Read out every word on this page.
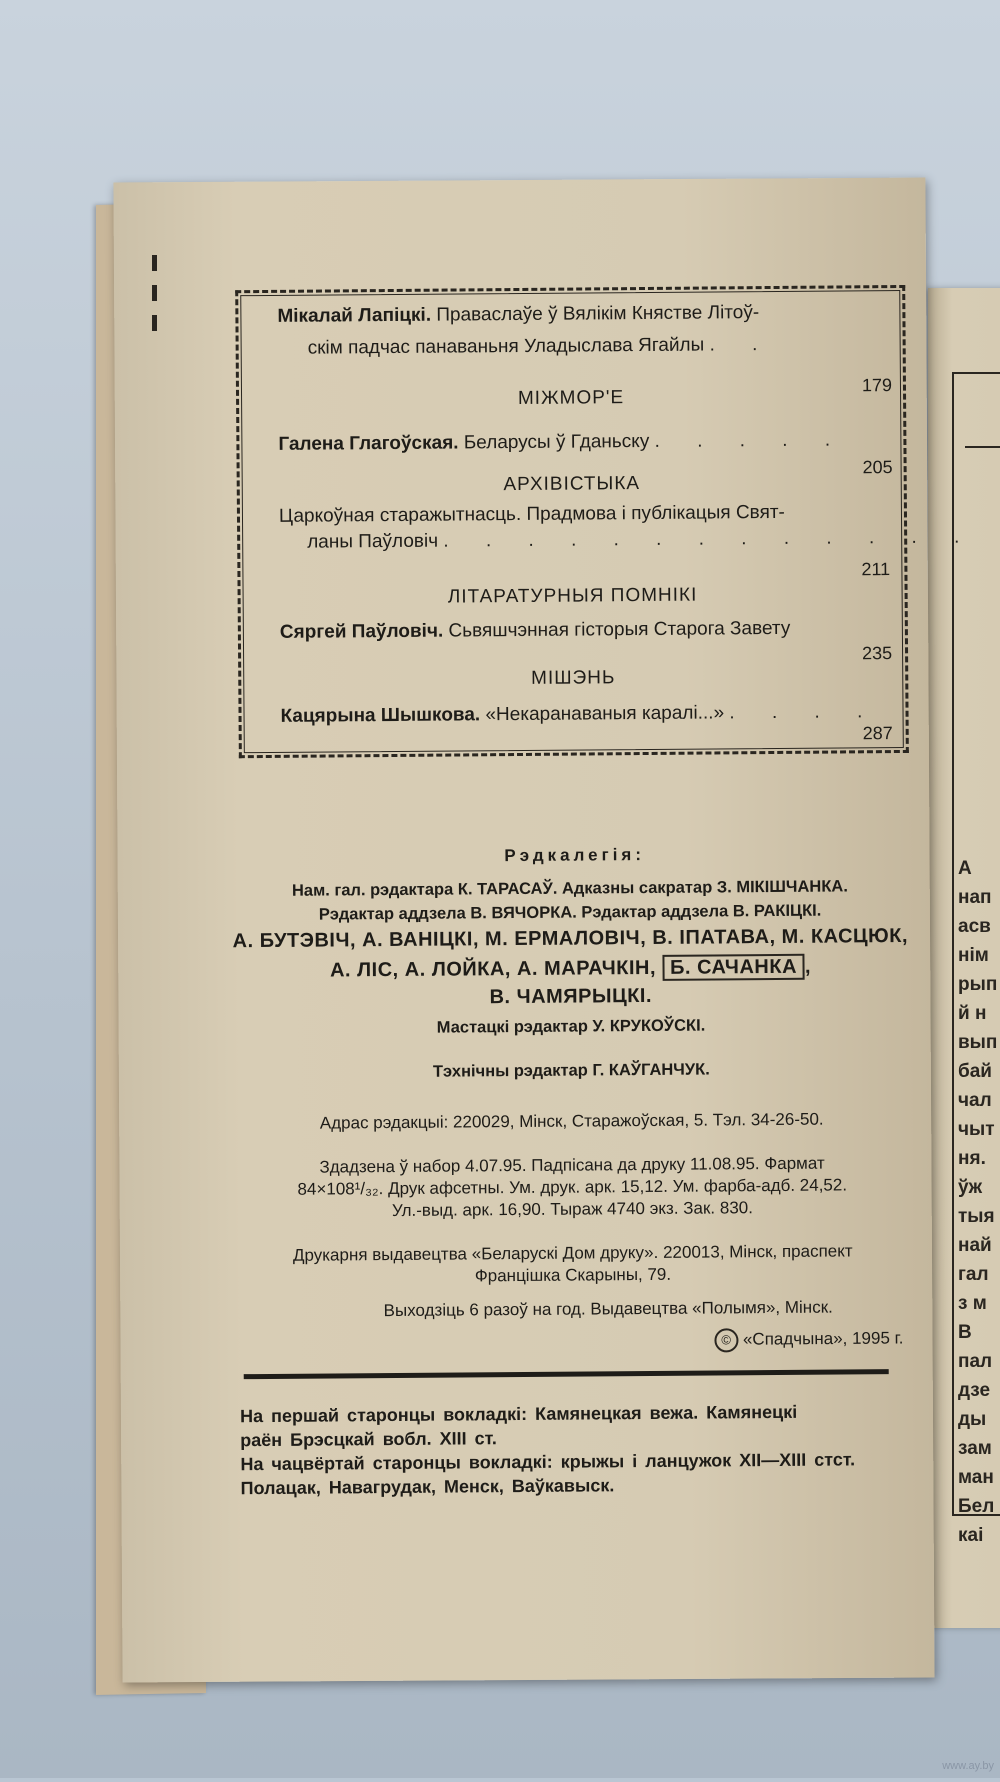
А
нап
асв
нім
рып
й н
вып
бай
чал
чыт
ня.
ўж
тыя
най
гал
з м
В
пал
дзе
ды
зам
ман
Бел
каі
Мікалай Лапіцкі. Праваслаўе ў Вялікім Княстве Літоў-
скім падчас панаваньня Уладыслава Ягайлы . .
179
МІЖМОР'Е
Галена Глагоўская. Беларусы ў Гданьску . . . . .
205
АРХІВІСТЫКА
Царкоўная старажытнасць. Прадмова і публікацыя Свят-
ланы Паўловіч . . . . . . . . . . . . .
211
ЛІТАРАТУРНЫЯ ПОМНІКІ
Сяргей Паўловіч. Сьвяшчэнная гісторыя Старога Завету
235
МІШЭНЬ
Кацярына Шышкова. «Некаранаваныя каралі...» . . . .
287
Рэдкалегія:
Нам. гал. рэдактара К. ТАРАСАЎ. Адказны сакратар З. МІКІШЧАНКА.
Рэдактар аддзела В. ВЯЧОРКА. Рэдактар аддзела В. РАКІЦКІ.
А. БУТЭВІЧ, А. ВАНІЦКІ, М. ЕРМАЛОВІЧ, В. ІПАТАВА, М. КАСЦЮК,
А. ЛІС, А. ЛОЙКА, А. МАРАЧКІН, Б. САЧАНКА ,
В. ЧАМЯРЫЦКІ.
Мастацкі рэдактар У. КРУКОЎСКІ.
Тэхнічны рэдактар Г. КАЎГАНЧУК.
Адрас рэдакцыі: 220029, Мінск, Старажоўская, 5. Тэл. 34-26-50.
Здадзена ў набор 4.07.95. Падпісана да друку 11.08.95. Фармат
84×108¹/₃₂. Друк афсетны. Ум. друк. арк. 15,12. Ум. фарба-адб. 24,52.
Ул.-выд. арк. 16,90. Тыраж 4740 экз. Зак. 830.
Друкарня выдавецтва «Беларускі Дом друку». 220013, Мінск, праспект
Францішка Скарыны, 79.
Выходзіць 6 разоў на год. Выдавецтва «Полымя», Мінск.
© «Спадчына», 1995 г.
На першай старонцы вокладкі: Камянецкая вежа. Камянецкі
раён Брэсцкай вобл. XIII ст.
На чацвёртай старонцы вокладкі: крыжы і ланцужок XII—XIII стст.
Полацак, Навагрудак, Менск, Ваўкавыск.
www.ay.by
